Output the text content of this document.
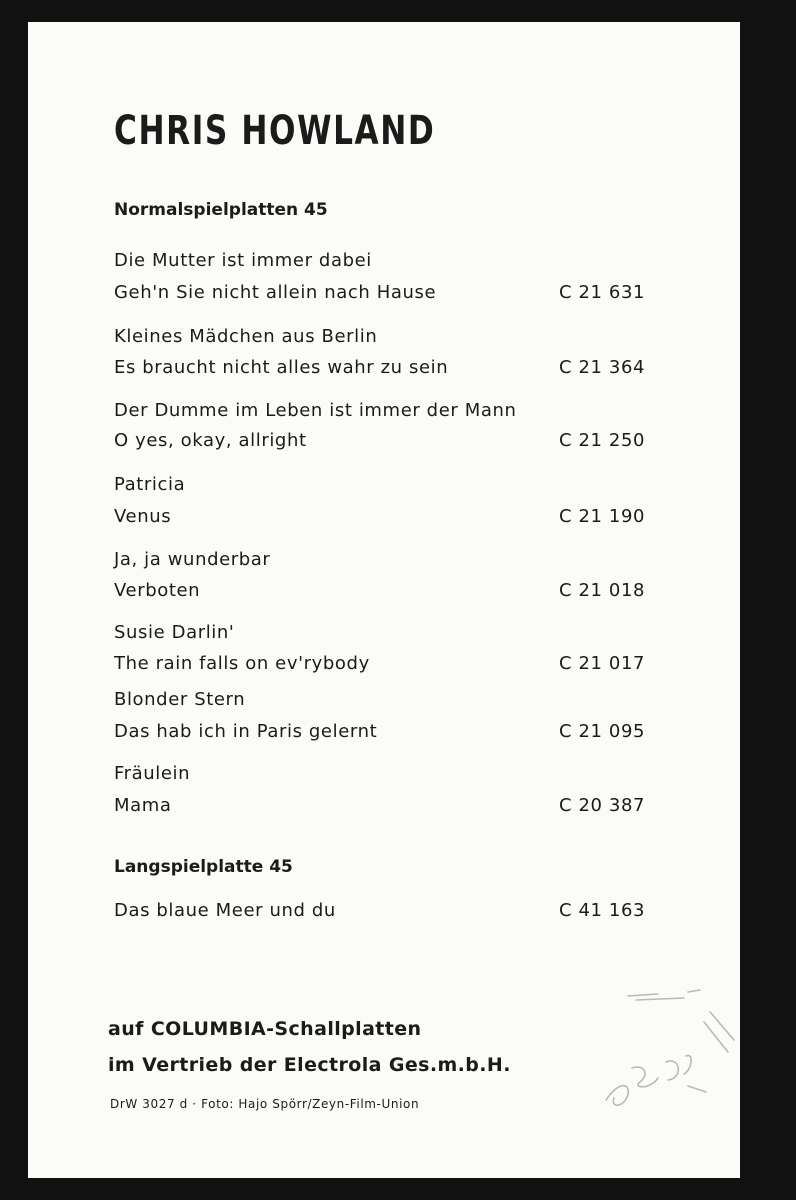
CHRIS HOWLAND
Normalspielplatten 45

Die Mutter ist immer dabei

Geh'n Sie nicht allein nach Hause	C 21 631

Kleines Mädchen aus Berlin

Es braucht nicht alles wahr zu sein	C 21 364

Der Dumme im Leben ist immer der Mann

O yes, okay, allright	C 21 250

Patricia

Venus	C 21 190

Ja, ja wunderbar

Verboten	C 21 018

Susie Darlin'

The rain falls on ev'rybody	C 21 017

Blonder Stern

Das hab ich in Paris gelernt	C 21 095

Fräulein

Mama	C 20 387
Langspielplatte 45

Das blaue Meer und du	C 41 163

auf COLUMBIA-Schallplatten

im Vertrieb der Electrola Ges.m.b.H.

DrW 3027 d · Foto: Hajo Spörr/Zeyn-Film-Union
